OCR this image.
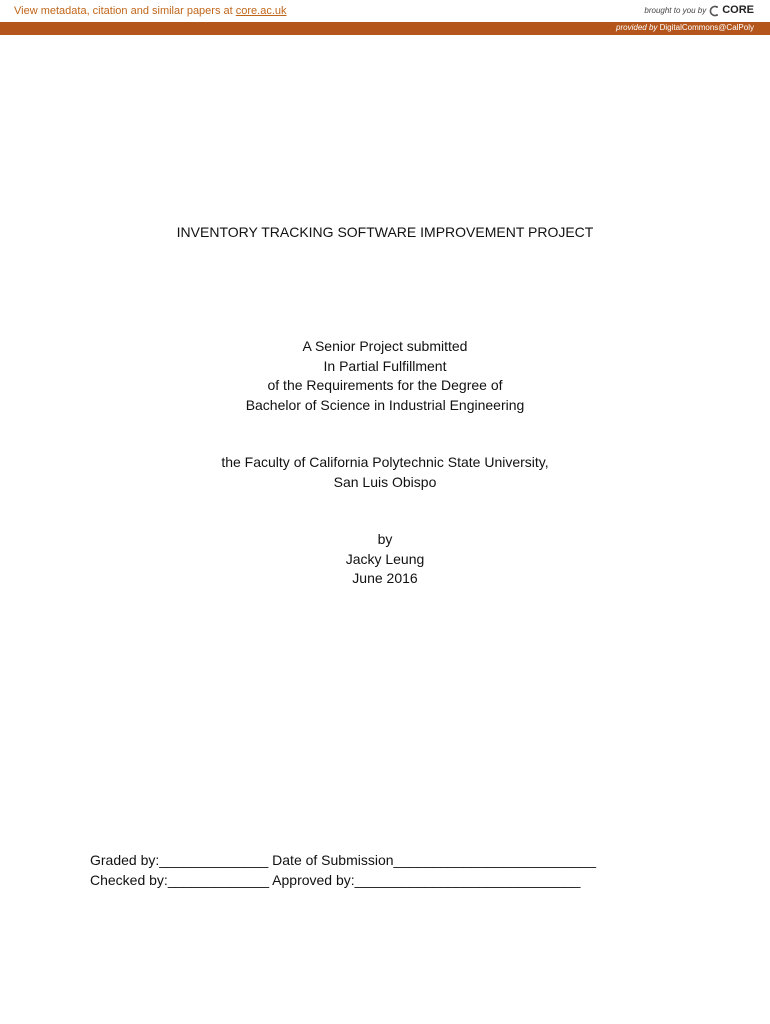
View metadata, citation and similar papers at core.ac.uk	brought to you by CORE
provided by DigitalCommons@CalPoly
INVENTORY TRACKING SOFTWARE IMPROVEMENT PROJECT
A Senior Project submitted
In Partial Fulfillment
of the Requirements for the Degree of
Bachelor of Science in Industrial Engineering
the Faculty of California Polytechnic State University,
San Luis Obispo
by
Jacky Leung
June 2016
Graded by:______________ Date of Submission__________________________
Checked by:_____________ Approved by:_____________________________
